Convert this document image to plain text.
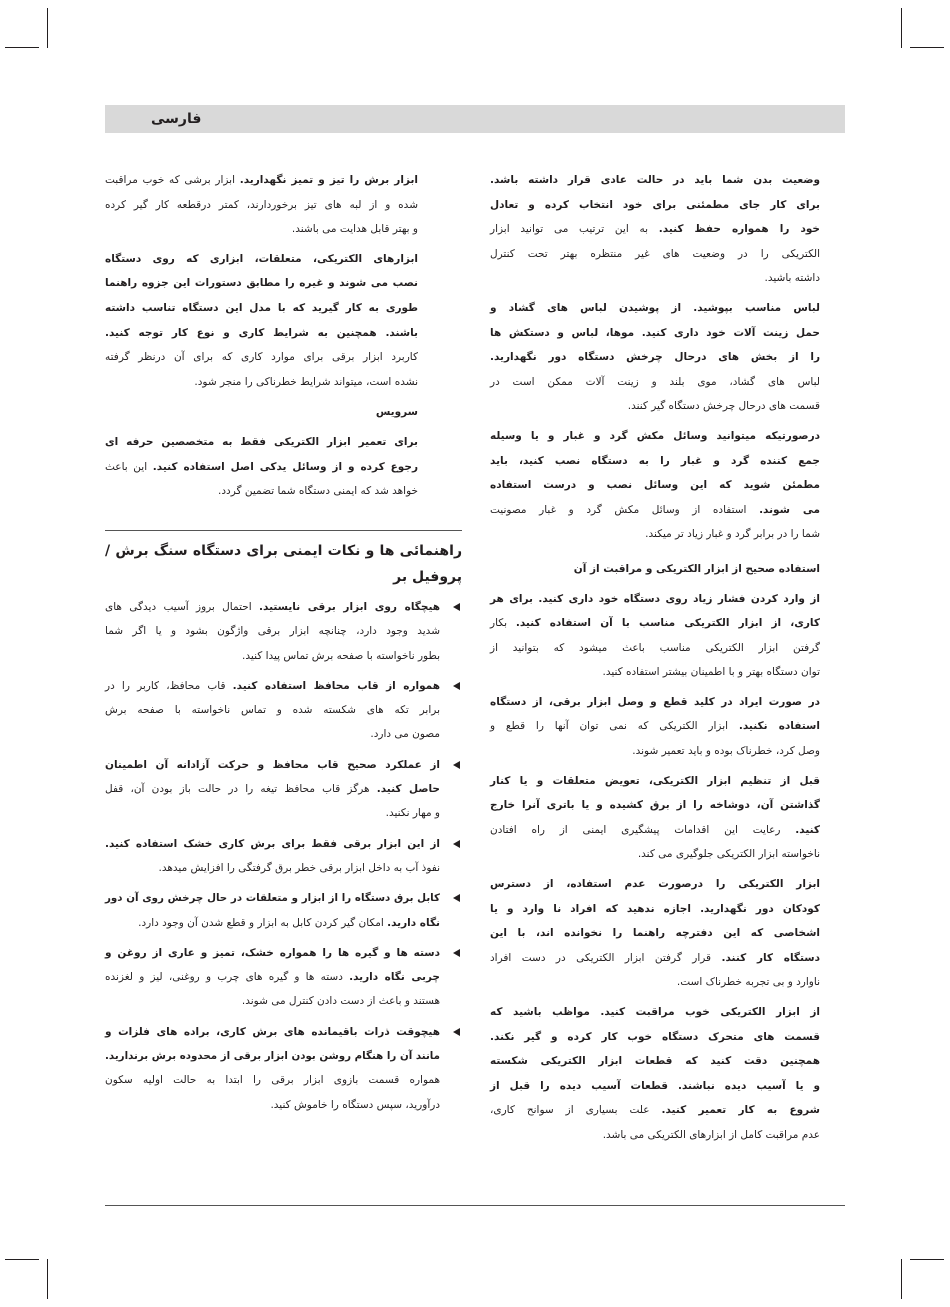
فارسی
وضعیت بدن شما باید در حالت عادی قرار داشته باشد.
برای کار جای مطمئنی برای خود انتخاب کرده و تعادل
خود را همواره حفظ کنید. به این ترتیب می توانید ابزار
الکتریکی را در وضعیت های غیر منتظره بهتر تحت کنترل
داشته باشید.
لباس مناسب بپوشید. از پوشیدن لباس های گشاد و
حمل زینت آلات خود داری کنید. موها، لباس و دستکش ها
را از بخش های درحال چرخش دستگاه دور نگهدارید.
لباس های گشاد، موی بلند و زینت آلات ممکن است در
قسمت های درحال چرخش دستگاه گیر کنند.
درصورتیکه میتوانید وسائل مکش گرد و غبار و یا وسیله
جمع کننده گرد و غبار را به دستگاه نصب کنید، باید
مطمئن شوید که این وسائل نصب و درست استفاده
می شوند. استفاده از وسائل مکش گرد و غبار مصونیت
شما را در برابر گرد و غبار زیاد تر میکند.
استفاده صحیح از ابزار الکتریکی و مراقبت از آن
از وارد کردن فشار زیاد روی دستگاه خود داری کنید. برای هر
کاری، از ابزار الکتریکی مناسب با آن استفاده کنید. بکار
گرفتن ابزار الکتریکی مناسب باعث میشود که بتوانید از
توان دستگاه بهتر و با اطمینان بیشتر استفاده کنید.
در صورت ایراد در کلید قطع و وصل ابزار برقی، از دستگاه
استفاده نکنید. ابزار الکتریکی که نمی توان آنها را قطع و
وصل کرد، خطرناک بوده و باید تعمیر شوند.
قبل از تنظیم ابزار الکتریکی، تعویض متعلقات و یا کنار
گذاشتن آن، دوشاخه را از برق کشیده و یا باتری آنرا خارج
کنید. رعایت این اقدامات پیشگیری ایمنی از راه افتادن
ناخواسته ابزار الکتریکی جلوگیری می کند.
ابزار الکتریکی را درصورت عدم استفاده، از دسترس
کودکان دور نگهدارید. اجازه ندهید که افراد نا وارد و یا
اشخاصی که این دفترچه راهنما را نخوانده اند، با این
دستگاه کار کنند. قرار گرفتن ابزار الکتریکی در دست افراد
ناوارد و بی تجربه خطرناک است.
از ابزار الکتریکی خوب مراقبت کنید. مواظب باشید که
قسمت های متحرک دستگاه خوب کار کرده و گیر نکند.
همچنین دقت کنید که قطعات ابزار الکتریکی شکسته
و یا آسیب دیده نباشند. قطعات آسیب دیده را قبل از
شروع به کار تعمیر کنید. علت بسیاری از سوانح کاری،
عدم مراقبت کامل از ابزارهای الکتریکی می باشد.
ابزار برش را تیز و تمیز نگهدارید. ابزار برشی که خوب مراقبت
شده و از لبه های تیز برخوردارند، کمتر درقطعه کار گیر کرده
و بهتر قابل هدایت می باشند.
ابزارهای الکتریکی، متعلقات، ابزاری که روی دستگاه
نصب می شوند و غیره را مطابق دستورات این جزوه راهنما
طوری به کار گیرید که با مدل این دستگاه تناسب داشته
باشند. همچنین به شرایط کاری و نوع کار توجه کنید.
کاربرد ابزار برقی برای موارد کاری که برای آن درنظر گرفته
نشده است، میتواند شرایط خطرناکی را منجر شود.
سرویس
برای تعمیر ابزار الکتریکی فقط به متخصصین حرفه ای
رجوع کرده و از وسائل یدکی اصل استفاده کنید. این باعث
خواهد شد که ایمنی دستگاه شما تضمین گردد.
راهنمائی ها و نکات ایمنی برای دستگاه سنگ برش /
پروفیل بر
هیچگاه روی ابزار برقی نایستید. احتمال بروز آسیب دیدگی های
شدید وجود دارد، چنانچه ابزار برقی واژگون بشود و یا اگر شما
بطور ناخواسته با صفحه برش تماس پیدا کنید.
همواره از قاب محافظ استفاده کنید. قاب محافظ، کاربر را در
برابر تکه های شکسته شده و تماس ناخواسته با صفحه برش
مصون می دارد.
از عملکرد صحیح قاب محافظ و حرکت آزادانه آن اطمینان
حاصل کنید. هرگز قاب محافظ تیغه را در حالت باز بودن آن، قفل
و مهار نکنید.
از این ابزار برقی فقط برای برش کاری خشک استفاده کنید.
نفوذ آب به داخل ابزار برقی خطر برق گرفتگی را افزایش میدهد.
کابل برق دستگاه را از ابزار و متعلقات در حال چرخش روی آن دور
نگاه دارید. امکان گیر کردن کابل به ابزار و قطع شدن آن وجود دارد.
دسته ها و گیره ها را همواره خشک، تمیز و عاری از روغن و
چربی نگاه دارید. دسته ها و گیره های چرب و روغنی، لیز و لغزنده
هستند و باعث از دست دادن کنترل می شوند.
هیچوقت ذرات باقیمانده های برش کاری، براده های فلزات و
مانند آن را هنگام روشن بودن ابزار برقی از محدوده برش برندارید.
همواره قسمت بازوی ابزار برقی را ابتدا به حالت اولیه سکون
درآورید، سپس دستگاه را خاموش کنید.
